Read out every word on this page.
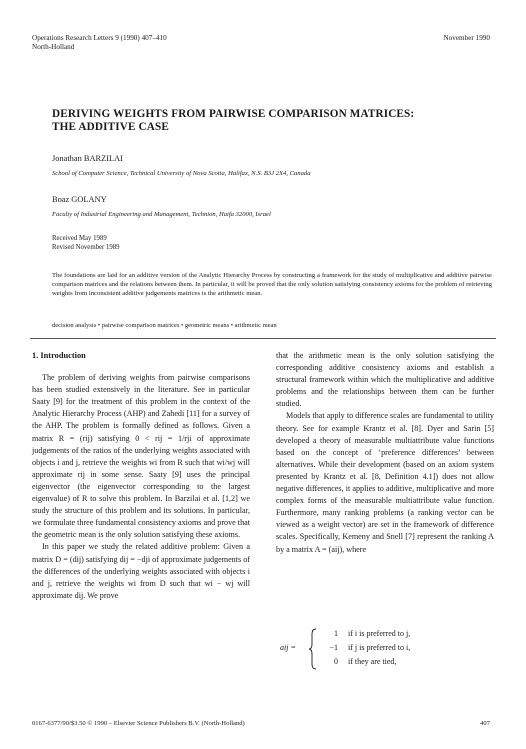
Operations Research Letters 9 (1990) 407–410
North-Holland
November 1990
DERIVING WEIGHTS FROM PAIRWISE COMPARISON MATRICES:
THE ADDITIVE CASE
Jonathan BARZILAI
School of Computer Science, Technical University of Nova Scotia, Halifax, N.S. B3J 2X4, Canada
Boaz GOLANY
Faculty of Industrial Engineering and Management, Technion, Haifa 32000, Israel
Received May 1989
Revised November 1989
The foundations are laid for an additive version of the Analytic Hierarchy Process by constructing a framework for the study of multiplicative and additive pairwise comparison matrices and the relations between them. In particular, it will be proved that the only solution satisfying consistency axioms for the problem of retrieving weights from inconsistent additive judgements matrices is the arithmetic mean.
decision analysis • pairwise comparison matrices • geometric means • arithmetic mean
1. Introduction

The problem of deriving weights from pairwise comparisons has been studied extensively in the literature. See in particular Saaty [9] for the treatment of this problem in the context of the Analytic Hierarchy Process (AHP) and Zahedi [11] for a survey of the AHP. The problem is formally defined as follows. Given a matrix R = (rij) satisfying 0 < rij = 1/rji of approximate judgements of the ratios of the underlying weights associated with objects i and j, retrieve the weights wi from R such that wi/wj will approximate rij in some sense. Saaty [9] uses the principal eigenvector (the eigenvector corresponding to the largest eigenvalue) of R to solve this problem. In Barzilai et al. [1,2] we study the structure of this problem and its solutions. In particular, we formulate three fundamental consistency axioms and prove that the geometric mean is the only solution satisfying these axioms.

In this paper we study the related additive problem: Given a matrix D = (dij) satisfying dij = −dji of approximate judgements of the differences of the underlying weights associated with objects i and j, retrieve the weights wi from D such that wi − wj will approximate dij. We prove

that the arithmetic mean is the only solution satisfying the corresponding additive consistency axioms and establish a structural framework within which the multiplicative and additive problems and the relationships between them can be further studied.

Models that apply to difference scales are fundamental to utility theory. See for example Krantz et al. [8]. Dyer and Sarin [5] developed a theory of measurable multiattribute value functions based on the concept of ‘preference differences’ between alternatives. While their development (based on an axiom system presented by Krantz et al. [8, Definition 4.1]) does not allow negative differences, it applies to additive, multiplicative and more complex forms of the measurable multiattribute value function. Furthermore, many ranking problems (a ranking vector can be viewed as a weight vector) are set in the framework of difference scales. Specifically, Kemeny and Snell [7] represent the ranking A by a matrix A = (aij), where

aij =
1 if i is preferred to j,
−1 if j is preferred to i,
0 if they are tied,
0167-6377/90/$3.50 © 1990 – Elsevier Science Publishers B.V. (North-Holland)	407
